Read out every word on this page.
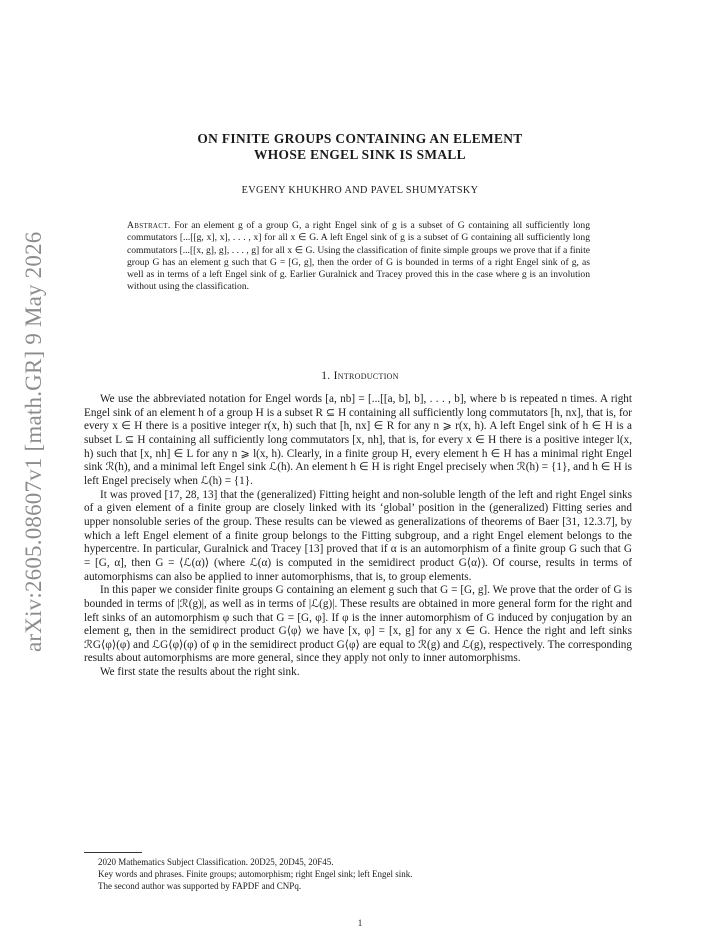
arXiv:2605.08607v1 [math.GR] 9 May 2026
ON FINITE GROUPS CONTAINING AN ELEMENT
WHOSE ENGEL SINK IS SMALL
EVGENY KHUKHRO AND PAVEL SHUMYATSKY
Abstract. For an element g of a group G, a right Engel sink of g is a subset of G containing all sufficiently long commutators [...[[g, x], x], . . . , x] for all x ∈ G. A left Engel sink of g is a subset of G containing all sufficiently long commutators [...[[x, g], g], . . . , g] for all x ∈ G. Using the classification of finite simple groups we prove that if a finite group G has an element g such that G = [G, g], then the order of G is bounded in terms of a right Engel sink of g, as well as in terms of a left Engel sink of g. Earlier Guralnick and Tracey proved this in the case where g is an involution without using the classification.
1. Introduction

We use the abbreviated notation for Engel words [a, nb] = [...[[a, b], b], . . . , b], where b is repeated n times. A right Engel sink of an element h of a group H is a subset R ⊆ H containing all sufficiently long commutators [h, nx], that is, for every x ∈ H there is a positive integer r(x, h) such that [h, nx] ∈ R for any n ⩾ r(x, h). A left Engel sink of h ∈ H is a subset L ⊆ H containing all sufficiently long commutators [x, nh], that is, for every x ∈ H there is a positive integer l(x, h) such that [x, nh] ∈ L for any n ⩾ l(x, h). Clearly, in a finite group H, every element h ∈ H has a minimal right Engel sink ℛ(h), and a minimal left Engel sink ℒ(h). An element h ∈ H is right Engel precisely when ℛ(h) = {1}, and h ∈ H is left Engel precisely when ℒ(h) = {1}.

It was proved [17, 28, 13] that the (generalized) Fitting height and non-soluble length of the left and right Engel sinks of a given element of a finite group are closely linked with its ‘global’ position in the (generalized) Fitting series and upper nonsoluble series of the group. These results can be viewed as generalizations of theorems of Baer [31, 12.3.7], by which a left Engel element of a finite group belongs to the Fitting subgroup, and a right Engel element belongs to the hypercentre. In particular, Guralnick and Tracey [13] proved that if α is an automorphism of a finite group G such that G = [G, α], then G = ⟨ℒ(α)⟩ (where ℒ(α) is computed in the semidirect product G⟨α⟩). Of course, results in terms of automorphisms can also be applied to inner automorphisms, that is, to group elements.

In this paper we consider finite groups G containing an element g such that G = [G, g]. We prove that the order of G is bounded in terms of |ℛ(g)|, as well as in terms of |ℒ(g)|. These results are obtained in more general form for the right and left sinks of an automorphism φ such that G = [G, φ]. If φ is the inner automorphism of G induced by conjugation by an element g, then in the semidirect product G⟨φ⟩ we have [x, φ] = [x, g] for any x ∈ G. Hence the right and left sinks ℛG⟨φ⟩(φ) and ℒG⟨φ⟩(φ) of φ in the semidirect product G⟨φ⟩ are equal to ℛ(g) and ℒ(g), respectively. The corresponding results about automorphisms are more general, since they apply not only to inner automorphisms.

We first state the results about the right sink.

2020 Mathematics Subject Classification. 20D25, 20D45, 20F45.
Key words and phrases. Finite groups; automorphism; right Engel sink; left Engel sink.
The second author was supported by FAPDF and CNPq.
1
